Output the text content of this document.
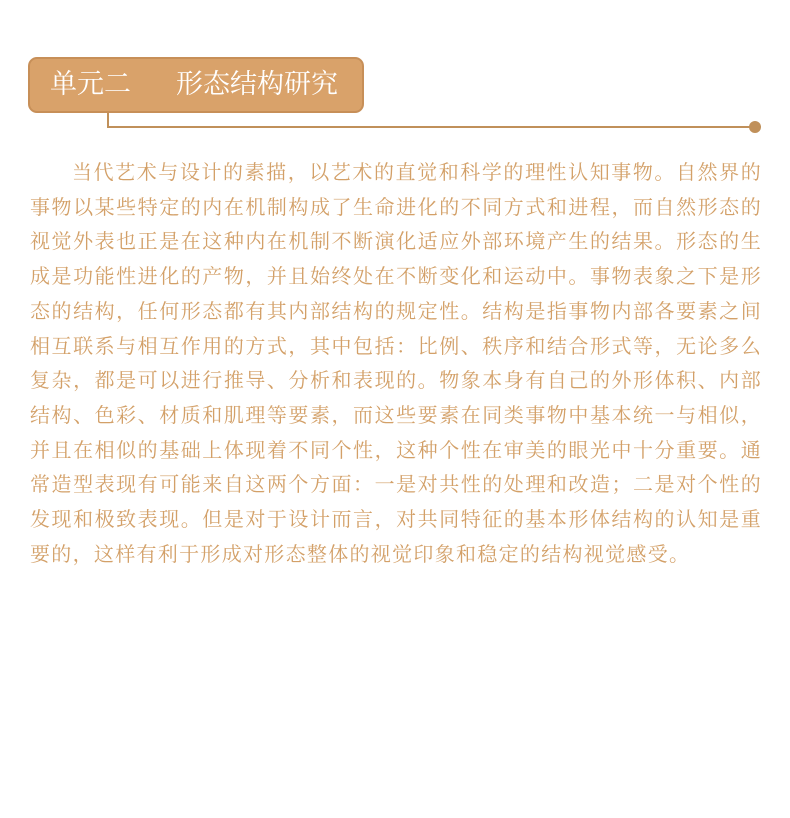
单元二 形态结构研究

当代艺术与设计的素描，以艺术的直觉和科学的理性认知事物。自然界的事物以某些特定的内在机制构成了生命进化的不同方式和进程，而自然形态的视觉外表也正是在这种内在机制不断演化适应外部环境产生的结果。形态的生成是功能性进化的产物，并且始终处在不断变化和运动中。事物表象之下是形态的结构，任何形态都有其内部结构的规定性。结构是指事物内部各要素之间相互联系与相互作用的方式，其中包括：比例、秩序和结合形式等，无论多么复杂，都是可以进行推导、分析和表现的。物象本身有自己的外形体积、内部结构、色彩、材质和肌理等要素，而这些要素在同类事物中基本统一与相似，并且在相似的基础上体现着不同个性，这种个性在审美的眼光中十分重要。通常造型表现有可能来自这两个方面：一是对共性的处理和改造；二是对个性的发现和极致表现。但是对于设计而言，对共同特征的基本形体结构的认知是重要的，这样有利于形成对形态整体的视觉印象和稳定的结构视觉感受。
